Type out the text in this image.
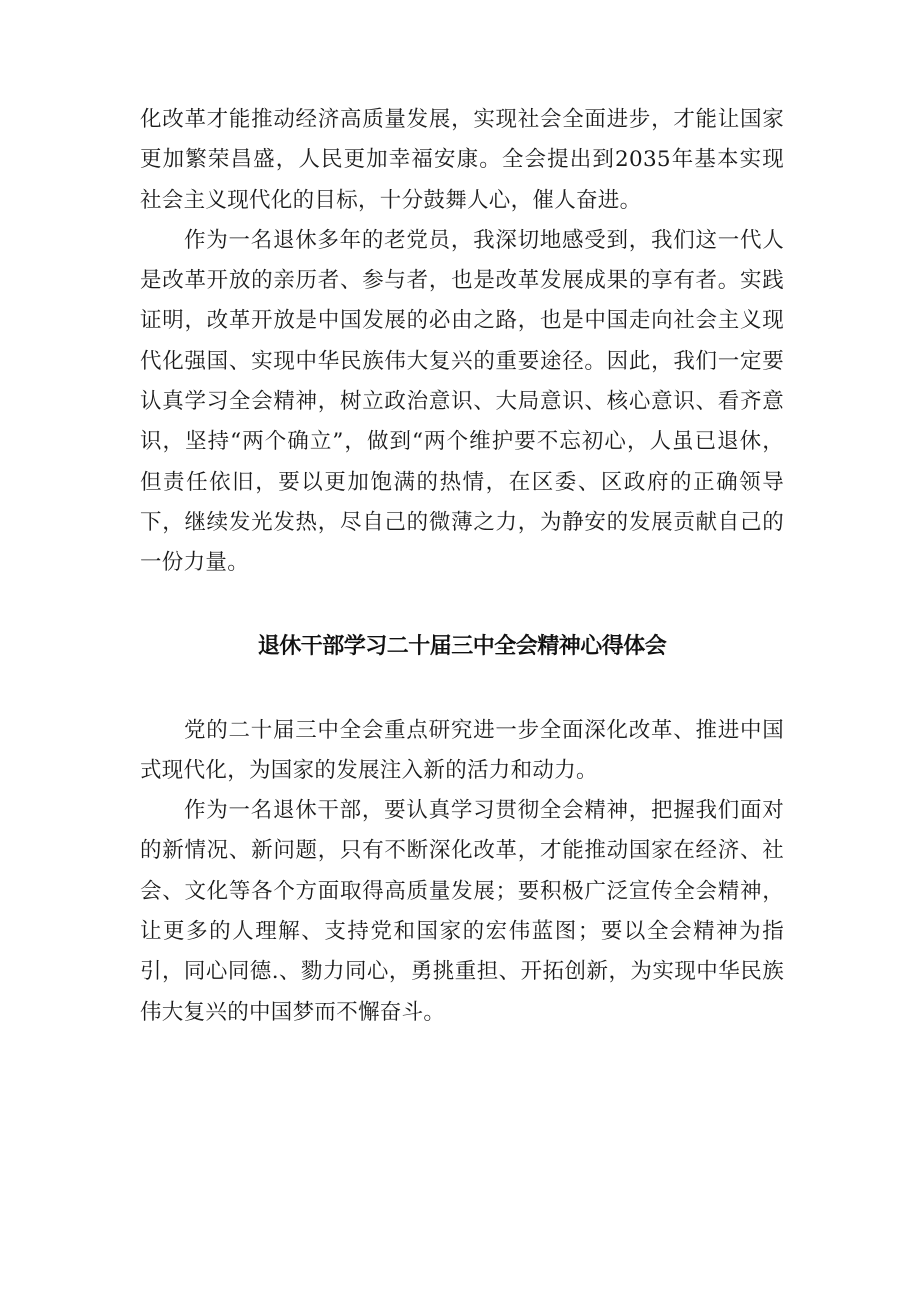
化改革才能推动经济高质量发展，实现社会全面进步，才能让国家更加繁荣昌盛，人民更加幸福安康。全会提出到2035年基本实现社会主义现代化的目标，十分鼓舞人心，催人奋进。

作为一名退休多年的老党员，我深切地感受到，我们这一代人是改革开放的亲历者、参与者，也是改革发展成果的享有者。实践证明，改革开放是中国发展的必由之路，也是中国走向社会主义现代化强国、实现中华民族伟大复兴的重要途径。因此，我们一定要认真学习全会精神，树立政治意识、大局意识、核心意识、看齐意识，坚持“两个确立”，做到“两个维护要不忘初心，人虽已退休，但责任依旧，要以更加饱满的热情，在区委、区政府的正确领导下，继续发光发热，尽自己的微薄之力，为静安的发展贡献自己的一份力量。

退休干部学习二十届三中全会精神心得体会

党的二十届三中全会重点研究进一步全面深化改革、推进中国式现代化，为国家的发展注入新的活力和动力。

作为一名退休干部，要认真学习贯彻全会精神，把握我们面对的新情况、新问题，只有不断深化改革，才能推动国家在经济、社会、文化等各个方面取得高质量发展；要积极广泛宣传全会精神，让更多的人理解、支持党和国家的宏伟蓝图；要以全会精神为指引，同心同德.、勠力同心，勇挑重担、开拓创新，为实现中华民族伟大复兴的中国梦而不懈奋斗。
